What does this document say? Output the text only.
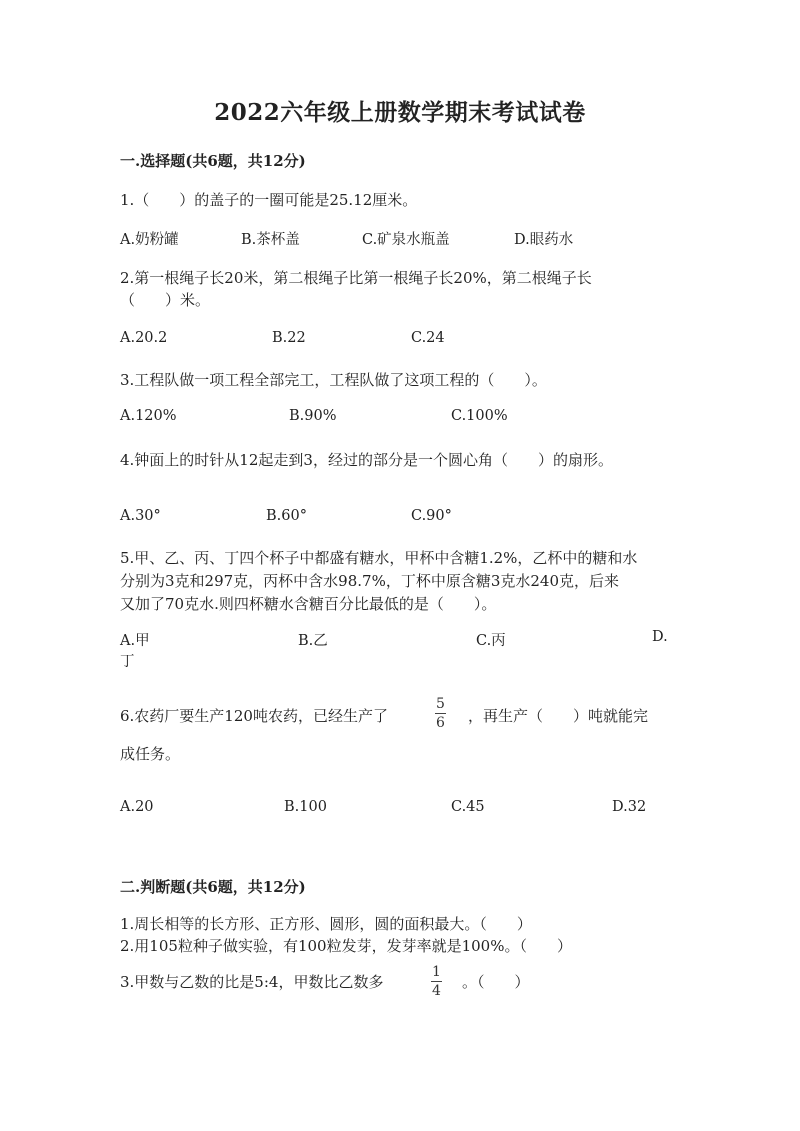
2022六年级上册数学期末考试试卷
一.选择题(共6题，共12分)
1.（　　）的盖子的一圈可能是25.12厘米。
A.奶粉罐	B.茶杯盖	C.矿泉水瓶盖	D.眼药水
2.第一根绳子长20米，第二根绳子比第一根绳子长20%，第二根绳子长
（　　）米。
A.20.2	B.22	C.24
3.工程队做一项工程全部完工，工程队做了这项工程的（　　）。
A.120%	B.90%	C.100%
4.钟面上的时针从12起走到3，经过的部分是一个圆心角（　　）的扇形。
A.30°	B.60°	C.90°
5.甲、乙、丙、丁四个杯子中都盛有糖水，甲杯中含糖1.2%，乙杯中的糖和水
分别为3克和297克，丙杯中含水98.7%，丁杯中原含糖3克水240克，后来
又加了70克水.则四杯糖水含糖百分比最低的是（　　）。
A.甲	B.乙	C.丙	D.
丁
6.农药厂要生产120吨农药，已经生产了
5
6 ，再生产（　　）吨就能完
成任务。
A.20	B.100	C.45	D.32
二.判断题(共6题，共12分)
1.周长相等的长方形、正方形、圆形，圆的面积最大。（　　）
2.用105粒种子做实验，有100粒发芽，发芽率就是100%。（　　）
3.甲数与乙数的比是5:4，甲数比乙数多
1
4 。（　　）
